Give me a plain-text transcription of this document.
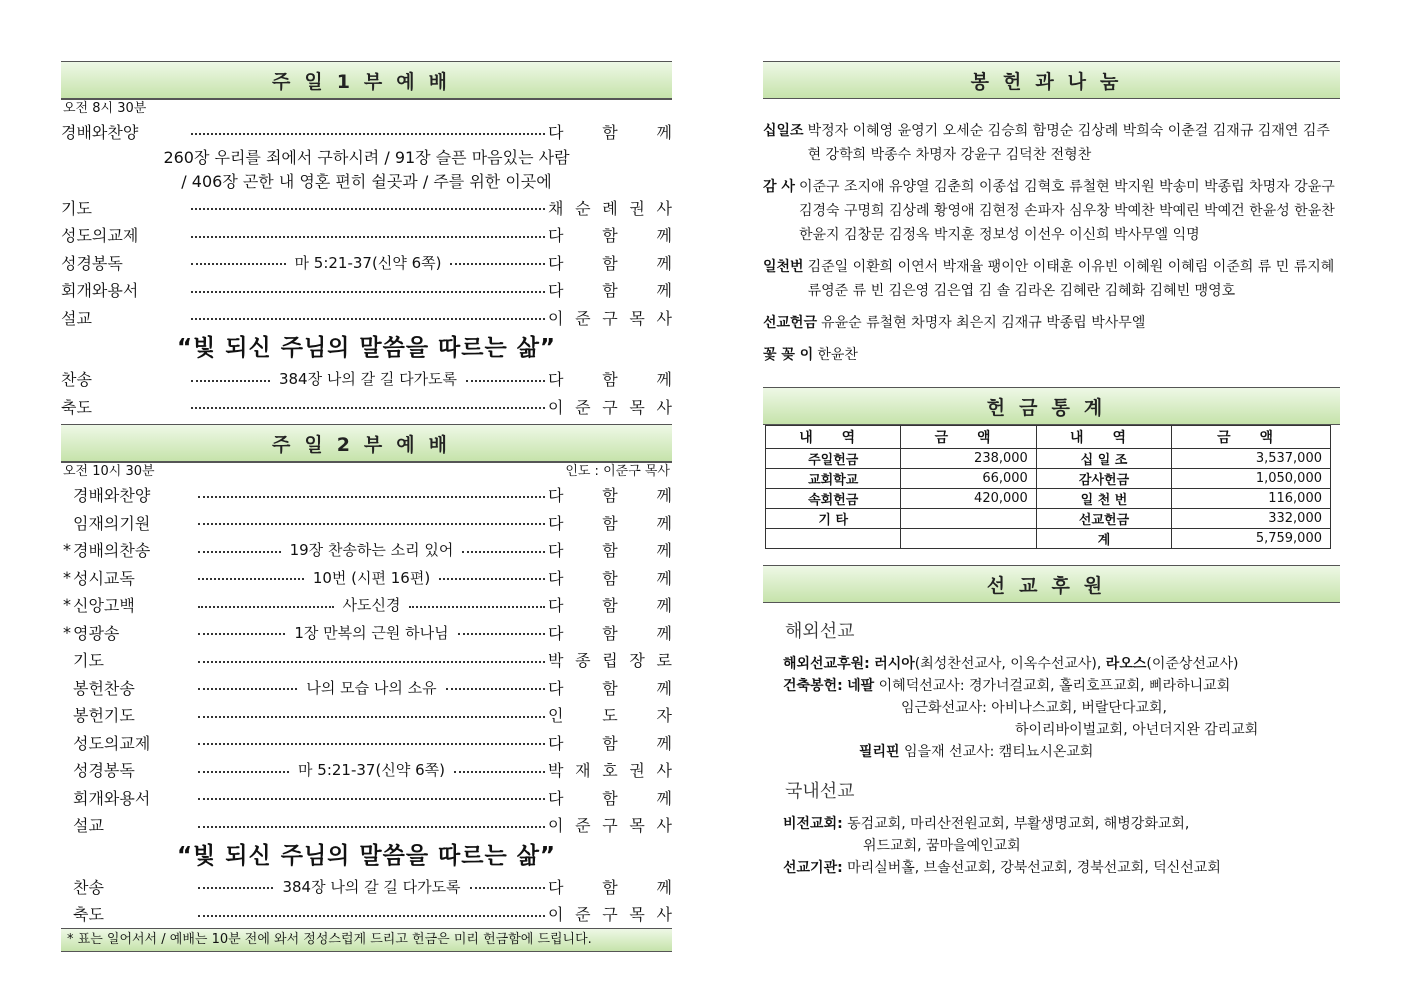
주일1부예배
오전 8시 30분
경배와찬양	다 함 께
260장 우리를 죄에서 구하시려 / 91장 슬픈 마음있는 사람
/ 406장 곤한 내 영혼 편히 쉴곳과 / 주를 위한 이곳에
기도	채 순 례 권 사
성도의교제	다 함 께
성경봉독	마 5:21-37(신약 6쪽)	다 함 께
회개와용서	다 함 께
설교	이 준 구 목 사
“빛 되신 주님의 말씀을 따르는 삶”
찬송	384장 나의 갈 길 다가도록	다 함 께
축도	이 준 구 목 사
주일2부예배
오전 10시 30분	인도 : 이준구 목사
경배와찬양	다 함 께
임재의기원	다 함 께
* 경배의찬송	19장 찬송하는 소리 있어	다 함 께
* 성시교독	10번 (시편 16편)	다 함 께
* 신앙고백	사도신경	다 함 께
* 영광송	1장 만복의 근원 하나님	다 함 께
기도	박 종 립 장 로
봉헌찬송	나의 모습 나의 소유	다 함 께
봉헌기도	인 도 자
성도의교제	다 함 께
성경봉독	마 5:21-37(신약 6쪽)	박 재 호 권 사
회개와용서	다 함 께
설교	이 준 구 목 사
“빛 되신 주님의 말씀을 따르는 삶”
찬송	384장 나의 갈 길 다가도록	다 함 께
축도	이 준 구 목 사
* 표는 일어서서 / 예배는 10분 전에 와서 정성스럽게 드리고 헌금은 미리 헌금함에 드립니다.
봉헌과나눔
십일조 박정자 이혜영 윤영기 오세순 김승희 함명순 김상례 박희숙 이춘걸 김재규 김재연 김주현 강학희 박종수 차명자 강윤구 김덕찬 전형찬
감 사 이준구 조지애 유양열 김춘희 이종섭 김혁호 류철현 박지원 박송미 박종립 차명자 강윤구 김경숙 구명희 김상례 황영애 김현정 손파자 심우창 박예찬 박예린 박예건 한윤성 한윤찬 한윤지 김창문 김정옥 박지훈 정보성 이선우 이신희 박사무엘 익명
일천번 김준일 이환희 이연서 박재율 팽이안 이태훈 이유빈 이혜원 이혜림 이준희 류 민 류지혜 류영준 류 빈 김은영 김은엽 김 솔 김라온 김혜란 김혜화 김혜빈 맹영호
선교헌금 유윤순 류철현 차명자 최은지 김재규 박종립 박사무엘
꽃 꽂 이 한윤찬
헌금통계
내 역	금 액	내 역	금 액
주일헌금	238,000	십 일 조	3,537,000
교회학교	66,000	감사헌금	1,050,000
속회헌금	420,000	일 천 번	116,000
기 타		선교헌금	332,000
		계	5,759,000
선교후원
해외선교
해외선교후원: 러시아(최성찬선교사, 이옥수선교사), 라오스(이준상선교사)
건축봉헌: 네팔 이혜덕선교사: 경가너걸교회, 홀리호프교회, 삐라하니교회
임근화선교사: 아비나스교회, 버랄단다교회,
하이리바이벌교회, 아넌더지완 감리교회
필리핀 임을재 선교사: 캠티뇨시온교회
국내선교
비전교회: 동검교회, 마리산전원교회, 부활생명교회, 해병강화교회,
위드교회, 꿈마을예인교회
선교기관: 마리실버홀, 브솔선교회, 강북선교회, 경북선교회, 덕신선교회
